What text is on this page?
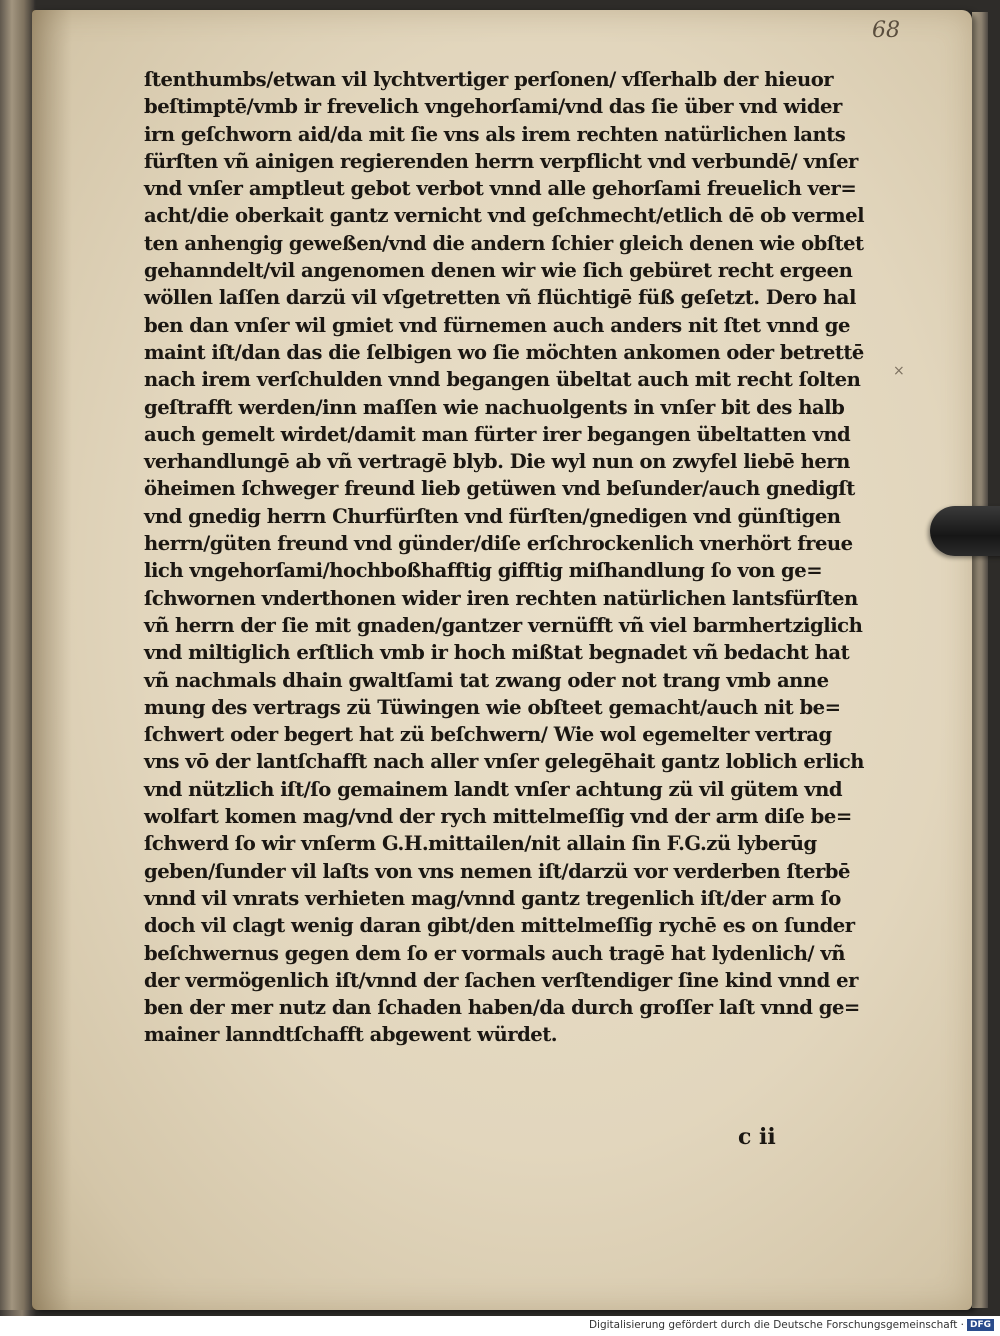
68
ſtenthumbs/etwan vil lychtvertiger perſonen/ vſſerhalb der hieuor
beſtimptē/vmb ir frevelich vngehorſami/vnd das ſie über vnd wider
irn geſchworn aid/da mit ſie vns als irem rechten natürlichen lants
fürſten vñ ainigen regierenden herrn verpflicht vnd verbundē/ vnſer
vnd vnſer amptleut gebot verbot vnnd alle gehorſami freuelich ver=
acht/die oberkait gantz vernicht vnd geſchmecht/etlich dē ob vermel
ten anhengig geweßen/vnd die andern ſchier gleich denen wie obſtet
gehanndelt/vil angenomen denen wir wie ſich gebüret recht ergeen
wöllen laſſen darzü vil vſgetretten vñ flüchtigē füß geſetzt. Dero hal
ben dan vnſer wil gmiet vnd fürnemen auch anders nit ſtet vnnd ge
maint iſt/dan das die ſelbigen wo ſie möchten ankomen oder betrettē
nach irem verſchulden vnnd begangen übeltat auch mit recht ſolten
geſtrafft werden/inn maſſen wie nachuolgents in vnſer bit des halb
auch gemelt wirdet/damit man fürter irer begangen übeltatten vnd
verhandlungē ab vñ vertragē blyb. Die wyl nun on zwyfel liebē hern
öheimen ſchweger freund lieb getüwen vnd beſunder/auch gnedigſt
vnd gnedig herrn Churfürſten vnd fürſten/gnedigen vnd günſtigen
herrn/güten freund vnd günder/diſe erſchrockenlich vnerhört freue
lich vngehorſami/hochboßhafftig gifftig miſhandlung ſo von ge=
ſchwornen vnderthonen wider iren rechten natürlichen lantsfürſten
vñ herrn der ſie mit gnaden/gantzer vernüfft vñ viel barmhertziglich
vnd miltiglich erſtlich vmb ir hoch mißtat begnadet vñ bedacht hat
vñ nachmals dhain gwaltſami tat zwang oder not trang vmb anne
mung des vertrags zü Tüwingen wie obſteet gemacht/auch nit be=
ſchwert oder begert hat zü beſchwern/ Wie wol egemelter vertrag
vns vō der lantſchafft nach aller vnſer gelegēhait gantz loblich erlich
vnd nützlich iſt/ſo gemainem landt vnſer achtung zü vil gütem vnd
wolfart komen mag/vnd der rych mittelmeſſig vnd der arm diſe be=
ſchwerd ſo wir vnſerm G.H.mittailen/nit allain ſin F.G.zü lyberūg
geben/ſunder vil laſts von vns nemen iſt/darzü vor verderben ſterbē
vnnd vil vnrats verhieten mag/vnnd gantz tregenlich iſt/der arm ſo
doch vil clagt wenig daran gibt/den mittelmeſſig rychē es on ſunder
beſchwernus gegen dem ſo er vormals auch tragē hat lydenlich/ vñ
der vermögenlich iſt/vnnd der ſachen verſtendiger ſine kind vnnd er
ben der mer nutz dan ſchaden haben/da durch groſſer laſt vnnd ge=
mainer lanndtſchafft abgewent würdet.
×
c ii
Digitalisierung gefördert durch die Deutsche Forschungsgemeinschaft · DFG
